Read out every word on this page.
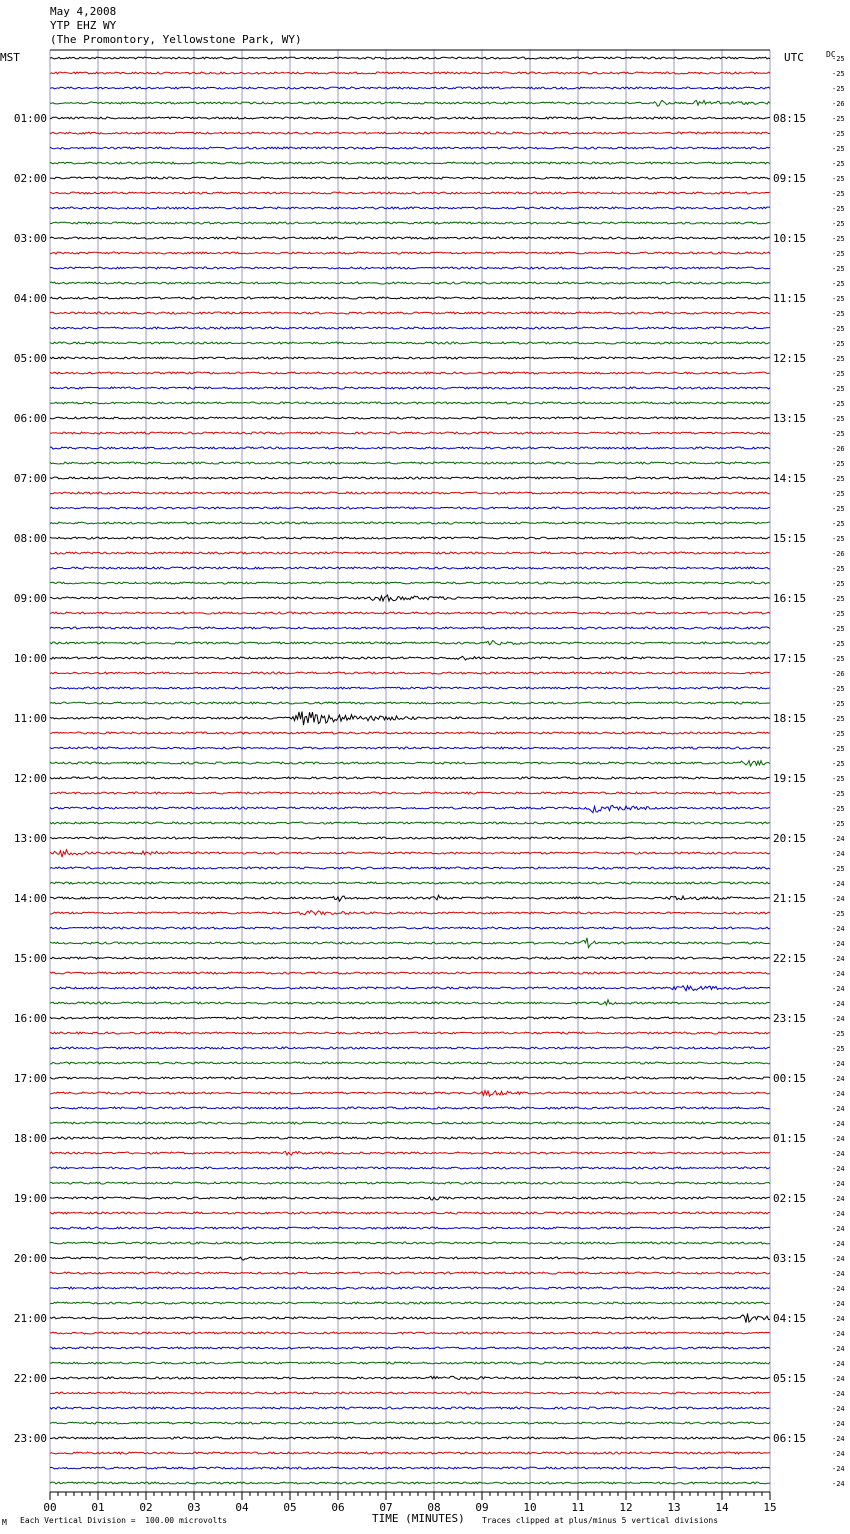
May 4,2008
YTP EHZ WY
(The Promontory, Yellowstone Park, WY)
MST	UTC	DC
-25
-25
-25
-26
-25
-25
-25
-25
-25
-25
-25
-25
-25
-25
-25
-25
-25
-25
-25
-25
-25
-25
-25
-25
-25
-25
-26
-25
-25
-25
-25
-25
-25
-26
-25
-25
-25
-25
-25
-25
-25
-26
-25
-25
-25
-25
-25
-25
-25
-25
-25
-25
-24
-24
-25
-24
-24
-25
-24
-24
-24
-24
-24
-24
-24
-25
-25
-24
-24
-24
-24
-24
-24
-24
-24
-24
-24
-24
-24
-24
-24
-24
-24
-24
-24
-24
-24
-24
-24
-24
-24
-24
-24
-24
-24
-24
01:00	08:15
02:00	09:15
03:00	10:15
04:00	11:15
05:00	12:15
06:00	13:15
07:00	14:15
08:00	15:15
09:00	16:15
10:00	17:15
11:00	18:15
12:00	19:15
13:00	20:15
14:00	21:15
15:00	22:15
16:00	23:15
17:00	00:15
18:00	01:15
19:00	02:15
20:00	03:15
21:00	04:15
22:00	05:15
23:00	06:15
00	01	02	03	04	05	06	07	08	09	10	11	12	13	14	15
TIME (MINUTES)
M Each Vertical Division =  100.00 microvolts	Traces clipped at plus/minus 5 vertical divisions
